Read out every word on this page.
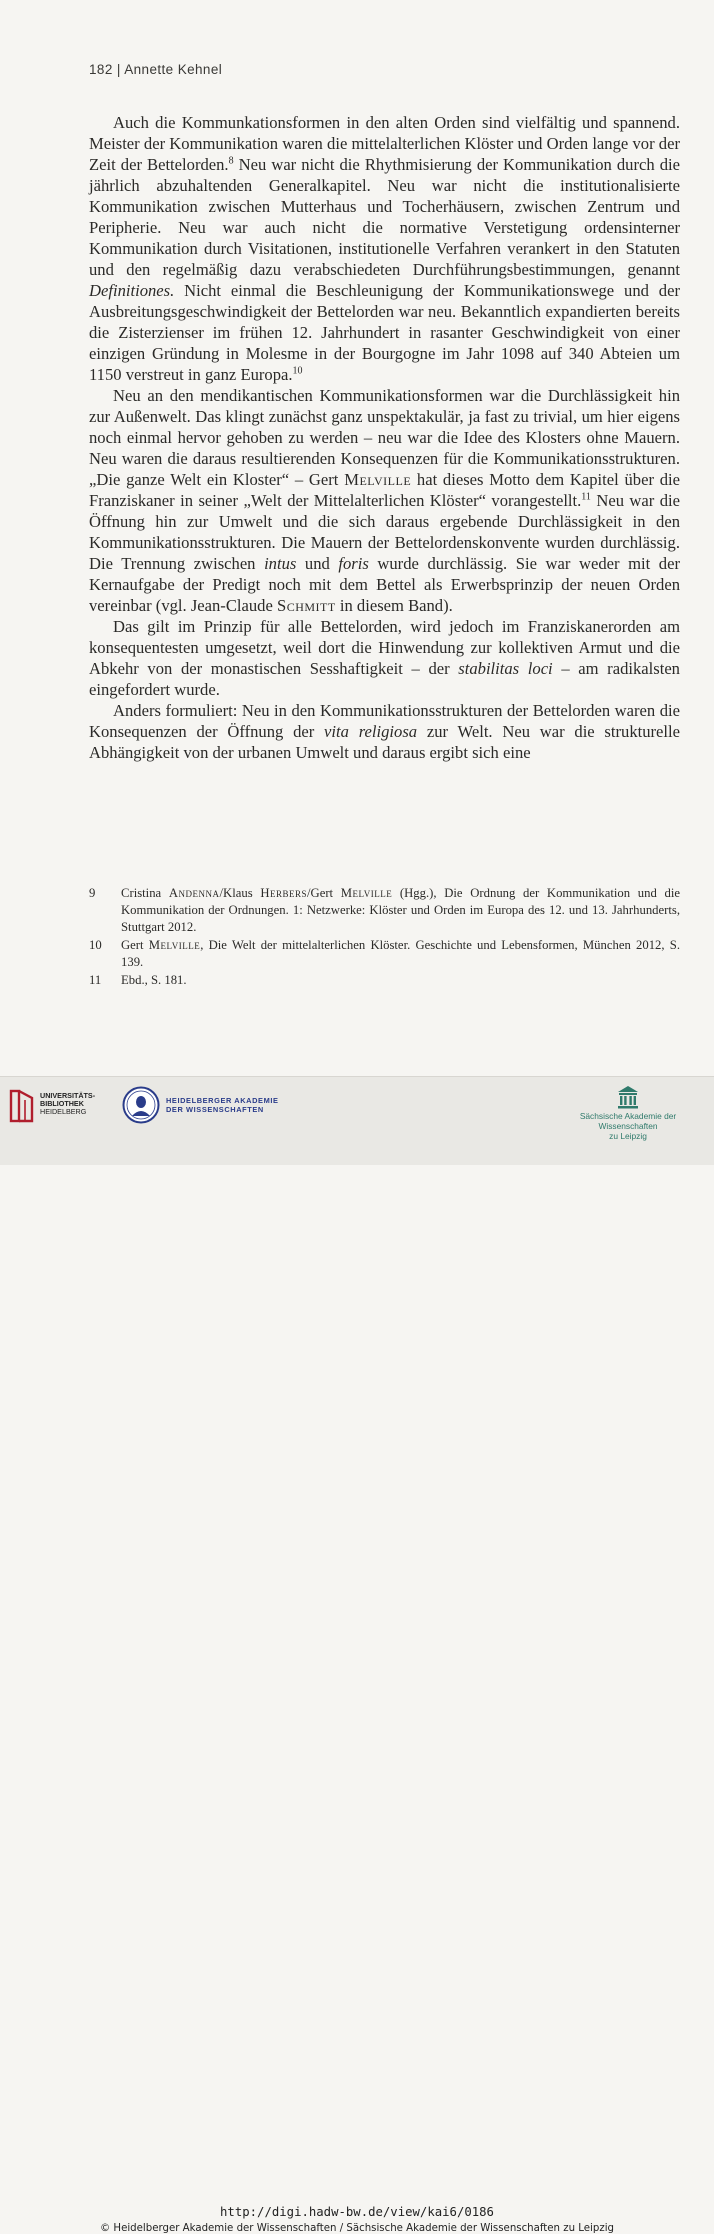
182 | Annette Kehnel

Auch die Kommunkationsformen in den alten Orden sind vielfältig und spannend. Meister der Kommunikation waren die mittelalterlichen Klöster und Orden lange vor der Zeit der Bettelorden.$^8$ Neu war nicht die Rhythmisierung der Kommunikation durch die jährlich abzuhaltenden Generalkapitel. Neu war nicht die institutionalisierte Kommunikation zwischen Mutterhaus und Tocherhäusern, zwischen Zentrum und Peripherie. Neu war auch nicht die normative Verstetigung ordensinterner Kommunikation durch Visitationen, institutionelle Verfahren verankert in den Statuten und den regelmäßig dazu verabschiedeten Durchführungsbestimmungen, genannt Definitiones. Nicht einmal die Beschleunigung der Kommunikationswege und der Ausbreitungsgeschwindigkeit der Bettelorden war neu. Bekanntlich expandierten bereits die Zisterzienser im frühen 12. Jahrhundert in rasanter Geschwindigkeit von einer einzigen Gründung in Molesme in der Bourgogne im Jahr 1098 auf 340 Abteien um 1150 verstreut in ganz Europa.$^{10}$

Neu an den mendikantischen Kommunikationsformen war die Durchlässigkeit hin zur Außenwelt. Das klingt zunächst ganz unspektakulär, ja fast zu trivial, um hier eigens noch einmal hervor gehoben zu werden – neu war die Idee des Klosters ohne Mauern. Neu waren die daraus resultierenden Konsequenzen für die Kommunikationsstrukturen. „Die ganze Welt ein Kloster“ – Gert Melville hat dieses Motto dem Kapitel über die Franziskaner in seiner „Welt der Mittelalterlichen Klöster“ vorangestellt.$^{11}$ Neu war die Öffnung hin zur Umwelt und die sich daraus ergebende Durchlässigkeit in den Kommunikationsstrukturen. Die Mauern der Bettelordenskonvente wurden durchlässig. Die Trennung zwischen intus und foris wurde durchlässig. Sie war weder mit der Kernaufgabe der Predigt noch mit dem Bettel als Erwerbsprinzip der neuen Orden vereinbar (vgl. Jean-Claude Schmitt in diesem Band).

Das gilt im Prinzip für alle Bettelorden, wird jedoch im Franziskanerorden am konsequentesten umgesetzt, weil dort die Hinwendung zur kollektiven Armut und die Abkehr von der monastischen Sesshaftigkeit – der stabilitas loci – am radikalsten eingefordert wurde.

Anders formuliert: Neu in den Kommunikationsstrukturen der Bettelorden waren die Konsequenzen der Öffnung der vita religiosa zur Welt. Neu war die strukturelle Abhängigkeit von der urbanen Umwelt und daraus ergibt sich eine

9	Cristina Andenna/Klaus Herbers/Gert Melville (Hgg.), Die Ordnung der Kommunikation und die Kommunikation der Ordnungen. 1: Netzwerke: Klöster und Orden im Europa des 12. und 13. Jahrhunderts, Stuttgart 2012.
10	Gert Melville, Die Welt der mittelalterlichen Klöster. Geschichte und Lebensformen, München 2012, S. 139.
11	Ebd., S. 181.
UNIVERSITÄTS-
BIBLIOTHEK
HEIDELBERG
HEIDELBERGER AKADEMIE
DER WISSENSCHAFTEN
Sächsische Akademie der Wissenschaften
zu Leipzig
http://digi.hadw-bw.de/view/kai6/0186
© Heidelberger Akademie der Wissenschaften / Sächsische Akademie der Wissenschaften zu Leipzig
